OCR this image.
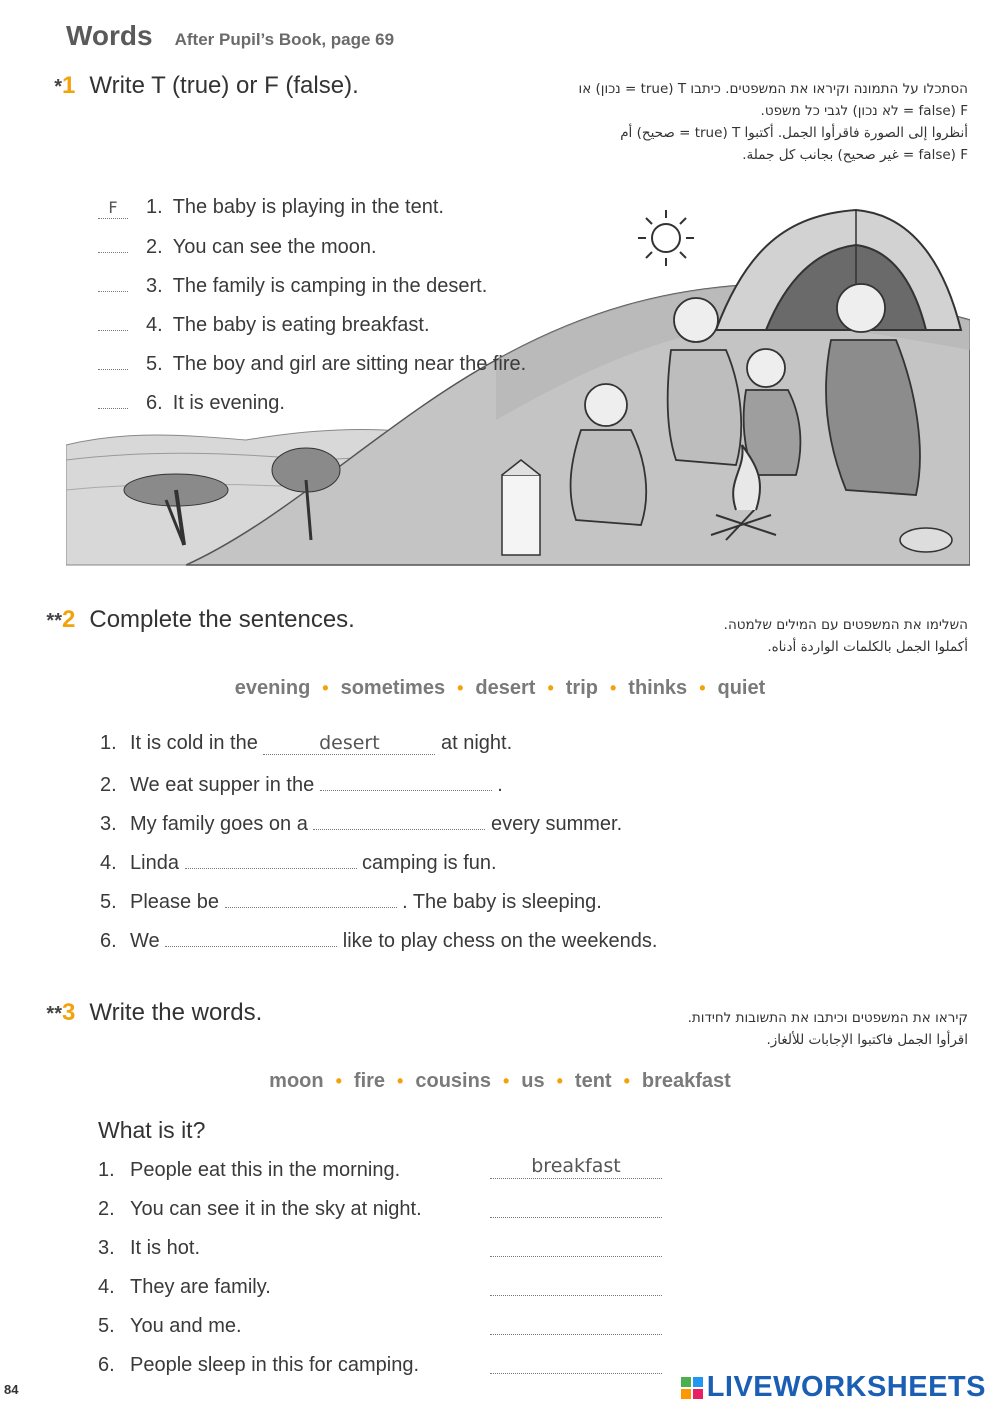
Words After Pupil’s Book, page 69
* 1 Write T (true) or F (false).	הסתכלו על התמונה וקיראו את המשפטים. כיתבו T (true = נכון) או
F (false = לא נכון) לגבי כל משפט.
أنظروا إلى الصورة فاقرأوا الجمل. أكتبوا T (true = صحيح) أم
F (false = غير صحيح) بجانب كل جملة.
F	1. The baby is playing in the tent.
2. You can see the moon.
3. The family is camping in the desert.
4. The baby is eating breakfast.
5. The boy and girl are sitting near the fire.
6. It is evening.
** 2 Complete the sentences.	השלימו את המשפטים עם המילים שלמטה.
أكملوا الجمل بالكلمات الواردة أدناه.
evening • sometimes • desert • trip • thinks • quiet
1. It is cold in the	desert	at night.
2. We eat supper in the	.
3. My family goes on a	every summer.
4. Linda	camping is fun.
5. Please be	. The baby is sleeping.
6. We	like to play chess on the weekends.
** 3 Write the words.	קיראו את המשפטים וכיתבו את התשובות לחידות.
اقرأوا الجمل فاكتبوا الإجابات للألغاز.
moon • fire • cousins • us • tent • breakfast
What is it?
1. People eat this in the morning.	breakfast
2. You can see it in the sky at night.
3. It is hot.
4. They are family.
5. You and me.
6. People sleep in this for camping.
84	LIVEWORKSHEETS
